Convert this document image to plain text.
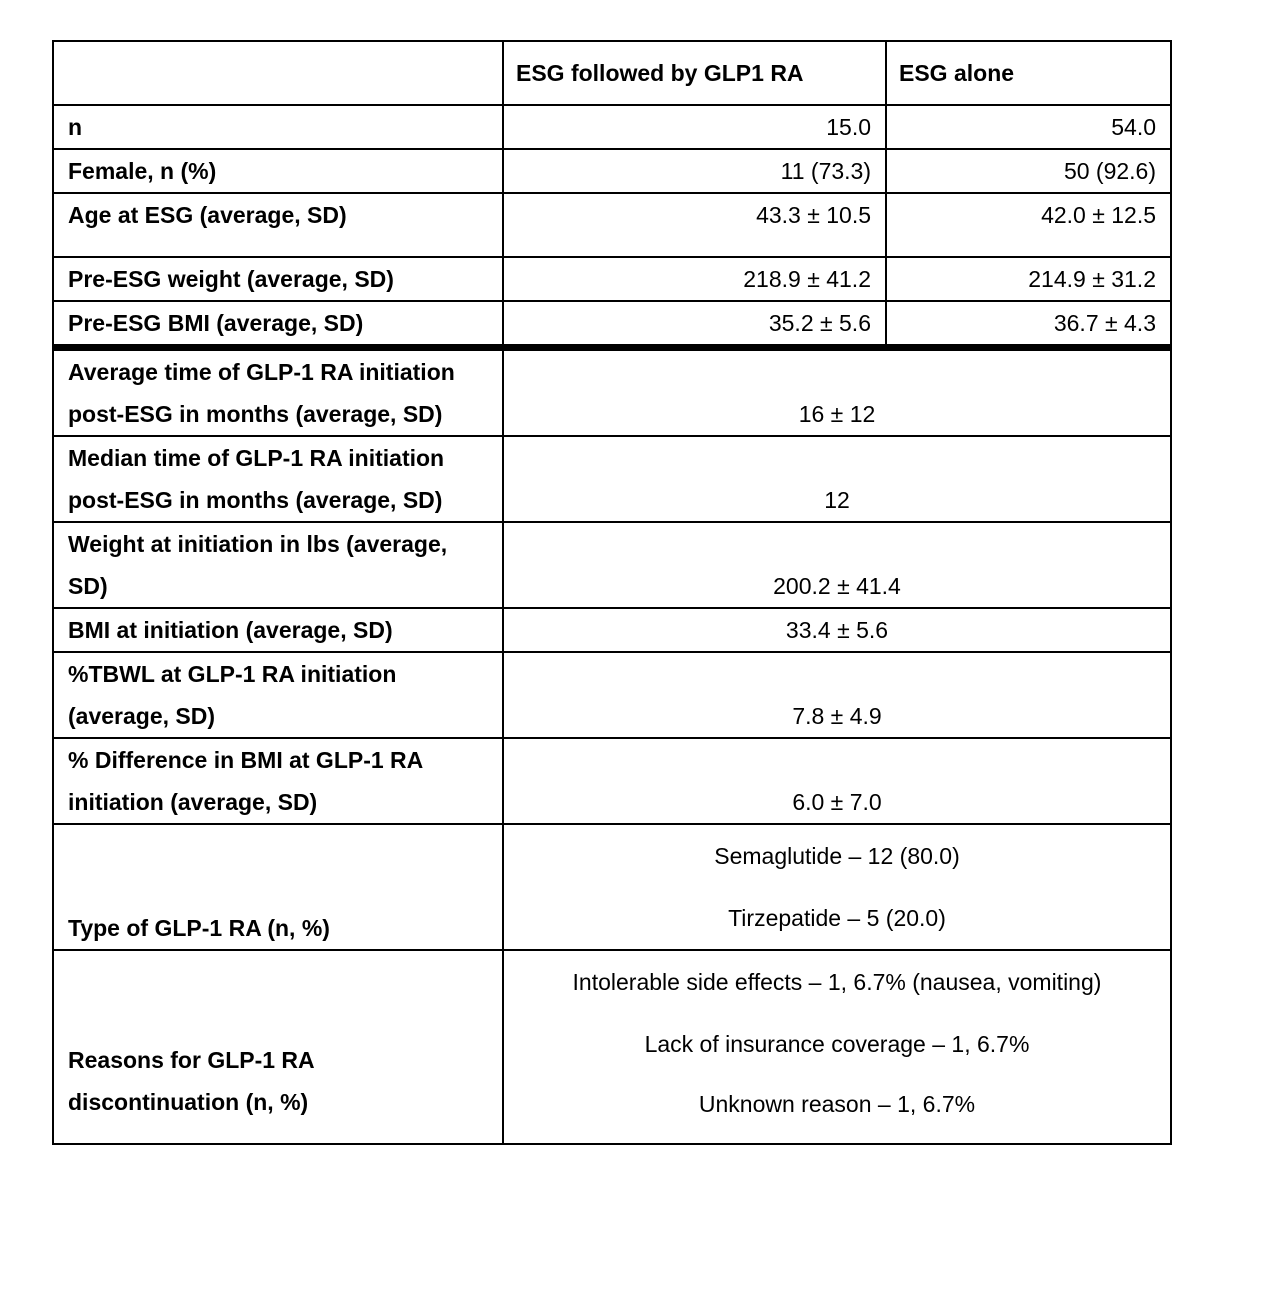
	ESG followed by GLP1 RA	ESG alone
n	15.0	54.0
Female, n (%)	11 (73.3)	50 (92.6)
Age at ESG (average, SD)	43.3 ± 10.5	42.0 ± 12.5
Pre-ESG weight (average, SD)	218.9 ± 41.2	214.9 ± 31.2
Pre-ESG BMI (average, SD)	35.2 ± 5.6	36.7 ± 4.3
Average time of GLP-1 RA initiation post-ESG in months (average, SD)	16 ± 12	
Median time of GLP-1 RA initiation post-ESG in months (average, SD)	12	
Weight at initiation in lbs (average, SD)	200.2 ± 41.4	
BMI at initiation (average, SD)	33.4 ± 5.6	
%TBWL at GLP-1 RA initiation (average, SD)	7.8 ± 4.9	
% Difference in BMI at GLP-1 RA initiation (average, SD)	6.0 ± 7.0	
Type of GLP-1 RA (n, %)	Semaglutide – 12 (80.0)
Tirzepatide – 5 (20.0)	

Reasons for GLP-1 RA discontinuation (n, %)	Intolerable side effects – 1, 6.7% (nausea, vomiting)
Lack of insurance coverage – 1, 6.7%
Unknown reason – 1, 6.7%	
